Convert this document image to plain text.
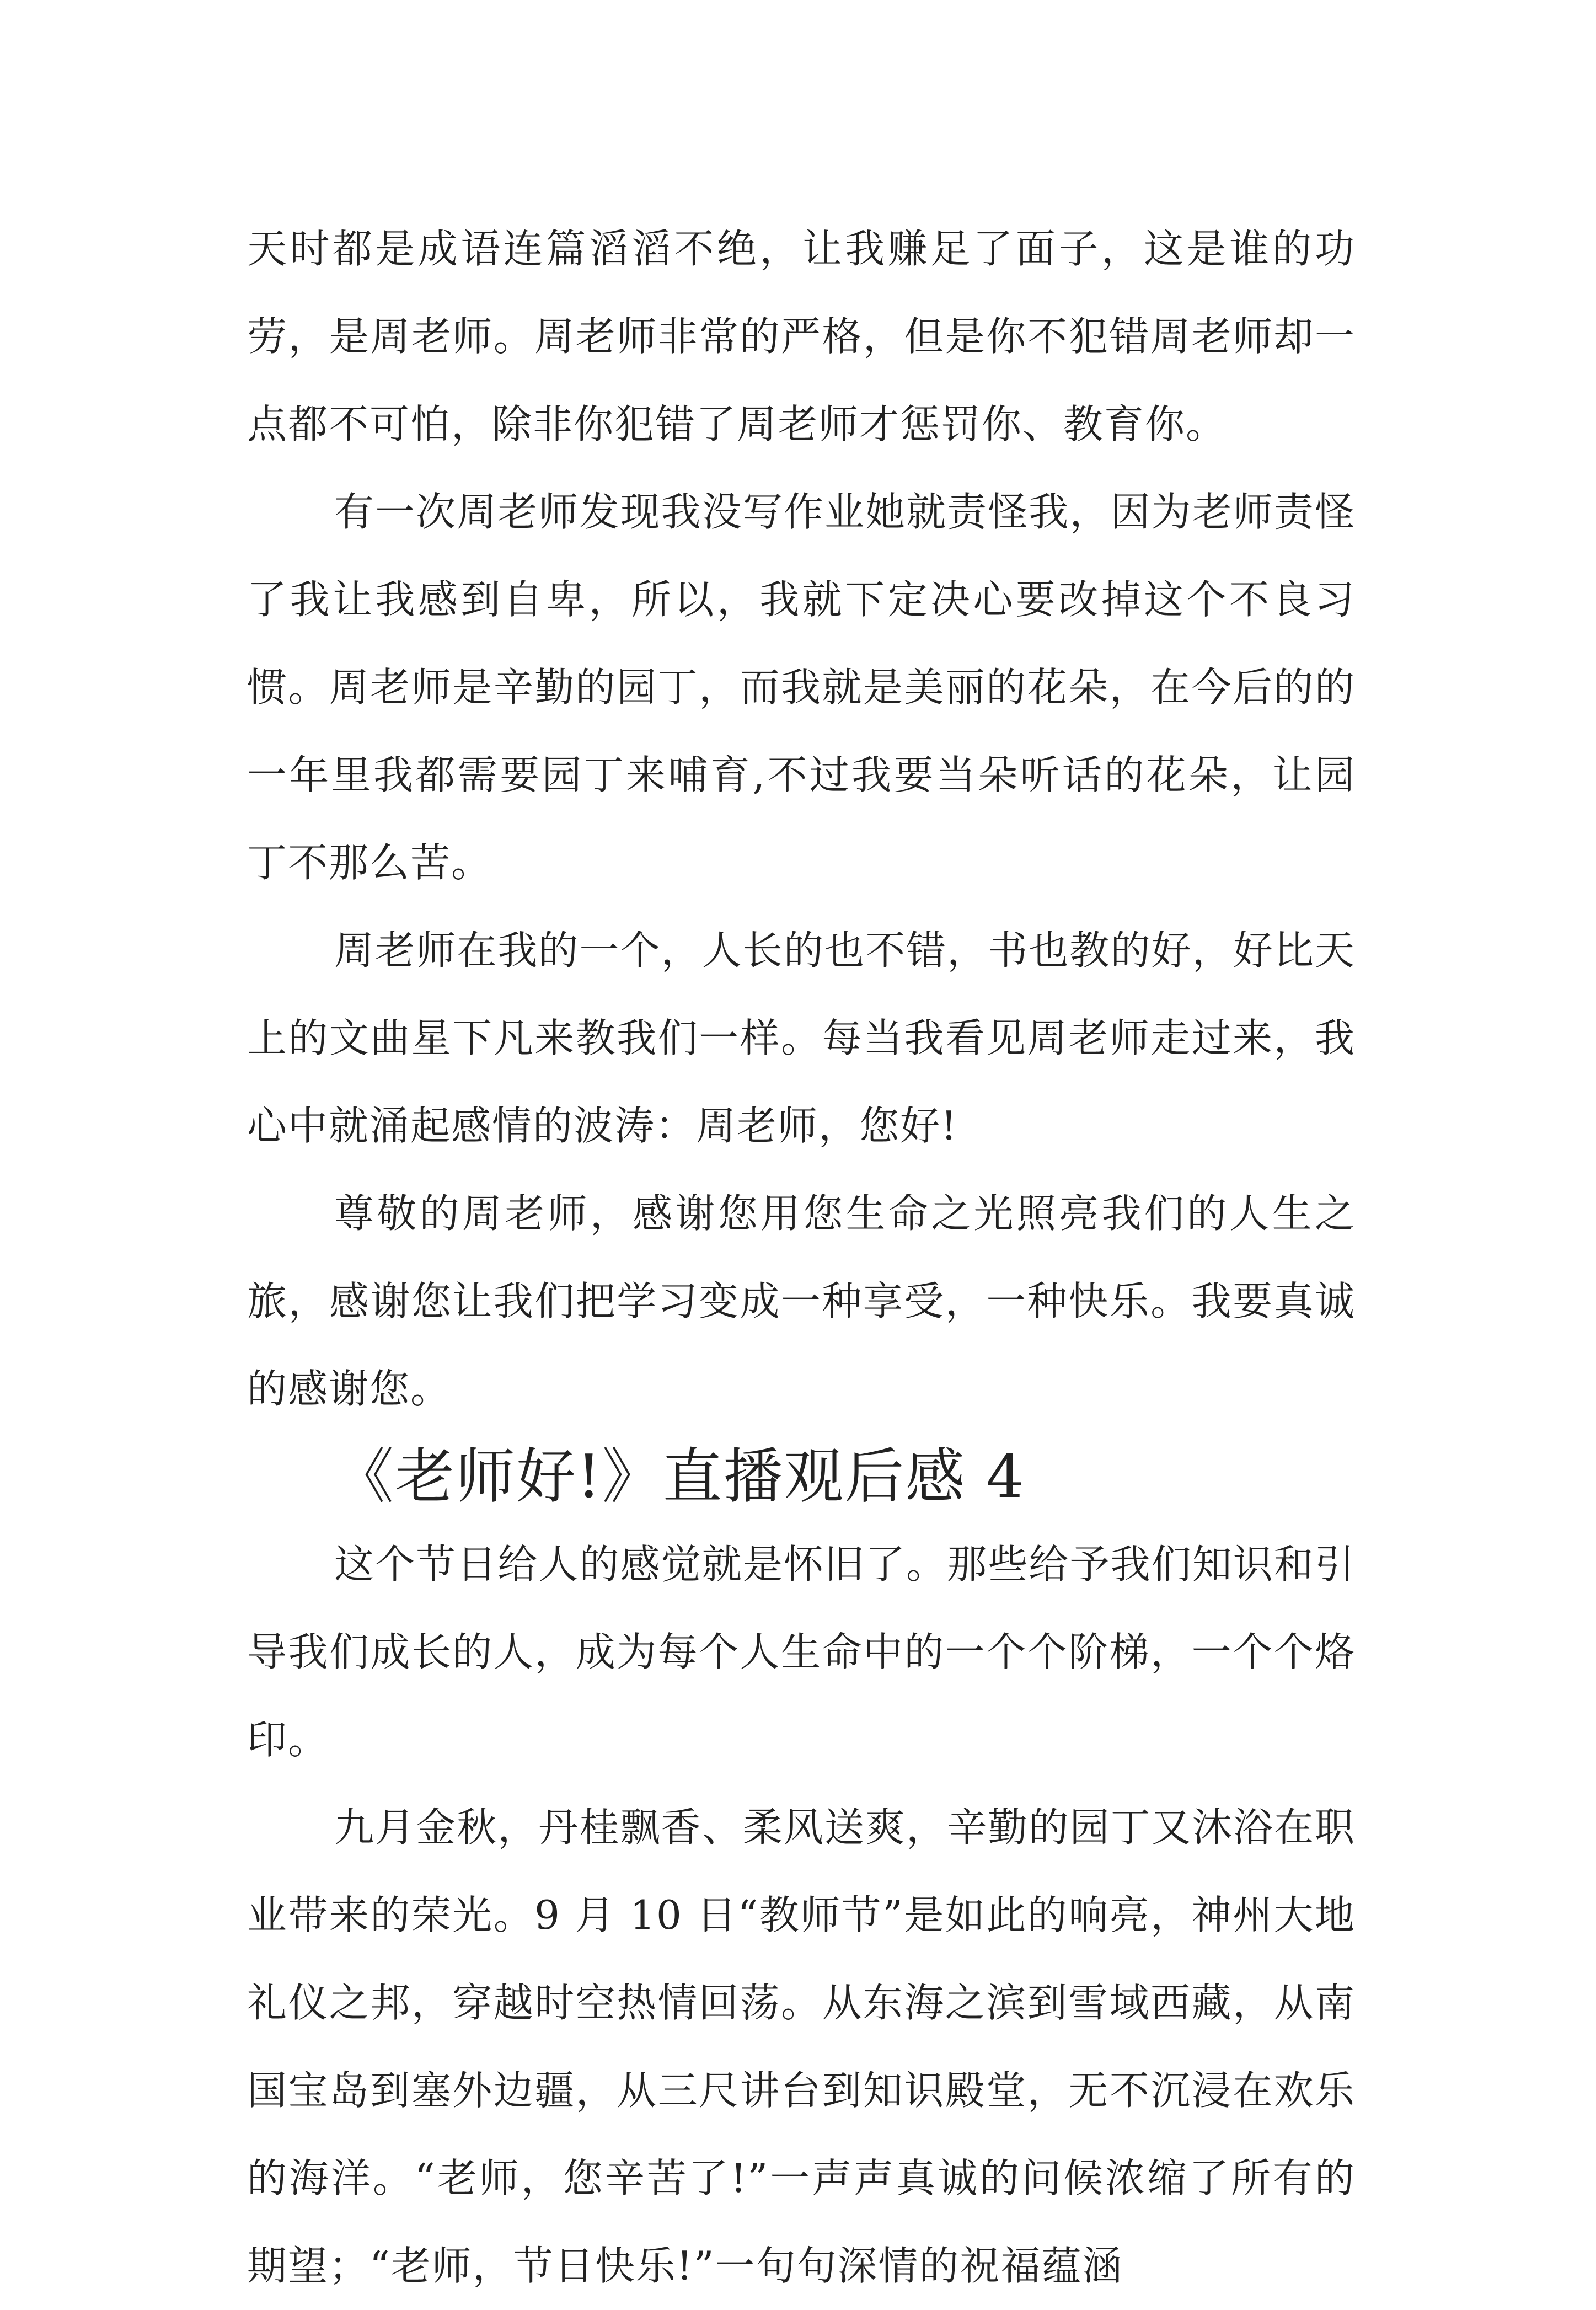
天时都是成语连篇滔滔不绝，让我赚足了面子，这是谁的功劳，是周老师。周老师非常的严格，但是你不犯错周老师却一点都不可怕，除非你犯错了周老师才惩罚你、教育你。

有一次周老师发现我没写作业她就责怪我，因为老师责怪了我让我感到自卑，所以，我就下定决心要改掉这个不良习惯。周老师是辛勤的园丁，而我就是美丽的花朵，在今后的的一年里我都需要园丁来哺育,不过我要当朵听话的花朵，让园丁不那么苦。

周老师在我的一个，人长的也不错，书也教的好，好比天上的文曲星下凡来教我们一样。每当我看见周老师走过来，我心中就涌起感情的波涛：周老师，您好!

尊敬的周老师，感谢您用您生命之光照亮我们的人生之旅，感谢您让我们把学习变成一种享受，一种快乐。我要真诚的感谢您。

《老师好!》直播观后感 4

这个节日给人的感觉就是怀旧了。那些给予我们知识和引导我们成长的人，成为每个人生命中的一个个阶梯，一个个烙印。

九月金秋，丹桂飘香、柔风送爽，辛勤的园丁又沐浴在职业带来的荣光。9 月 10 日“教师节”是如此的响亮，神州大地礼仪之邦，穿越时空热情回荡。从东海之滨到雪域西藏，从南国宝岛到塞外边疆，从三尺讲台到知识殿堂，无不沉浸在欢乐的海洋。“老师，您辛苦了!”一声声真诚的问候浓缩了所有的期望；“老师，节日快乐!”一句句深情的祝福蕴涵
